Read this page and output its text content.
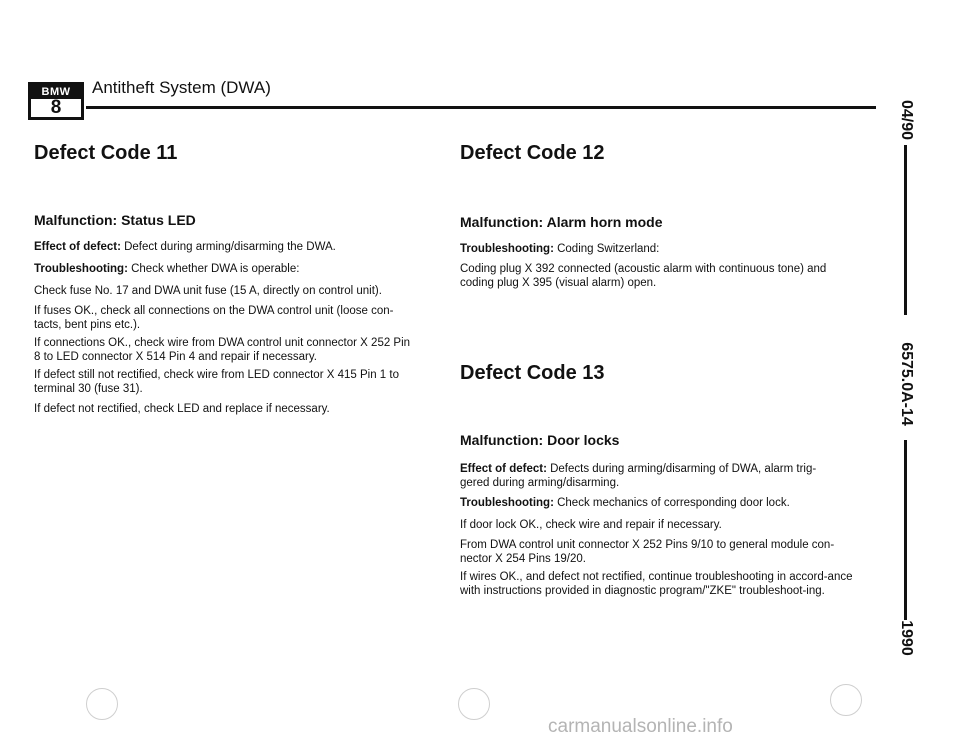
BMW
8
Antitheft System (DWA)
Defect Code 11
Malfunction: Status LED

Effect of defect: Defect during arming/disarming the DWA.

Troubleshooting: Check whether DWA is operable:

Check fuse No. 17 and DWA unit fuse (15 A, directly on control unit).

If fuses OK., check all connections on the DWA control unit (loose con-tacts, bent pins etc.).

If connections OK., check wire from DWA control unit connector X 252 Pin 8 to LED connector X 514 Pin 4 and repair if necessary.

If defect still not rectified, check wire from LED connector X 415 Pin 1 to terminal 30 (fuse 31).

If defect not rectified, check LED and replace if necessary.

Defect Code 12
Malfunction: Alarm horn mode

Troubleshooting: Coding Switzerland:

Coding plug X 392 connected (acoustic alarm with continuous tone) and coding plug X 395 (visual alarm) open.

Defect Code 13
Malfunction: Door locks

Effect of defect: Defects during arming/disarming of DWA, alarm trig-gered during arming/disarming.

Troubleshooting: Check mechanics of corresponding door lock.

If door lock OK., check wire and repair if necessary.

From DWA control unit connector X 252 Pins 9/10 to general module con-nector X 254 Pins 19/20.

If wires OK., and defect not rectified, continue troubleshooting in accord-ance with instructions provided in diagnostic program/"ZKE" troubleshoot-ing.

04/90
6575.0A-14
1990
carmanualsonline.info
